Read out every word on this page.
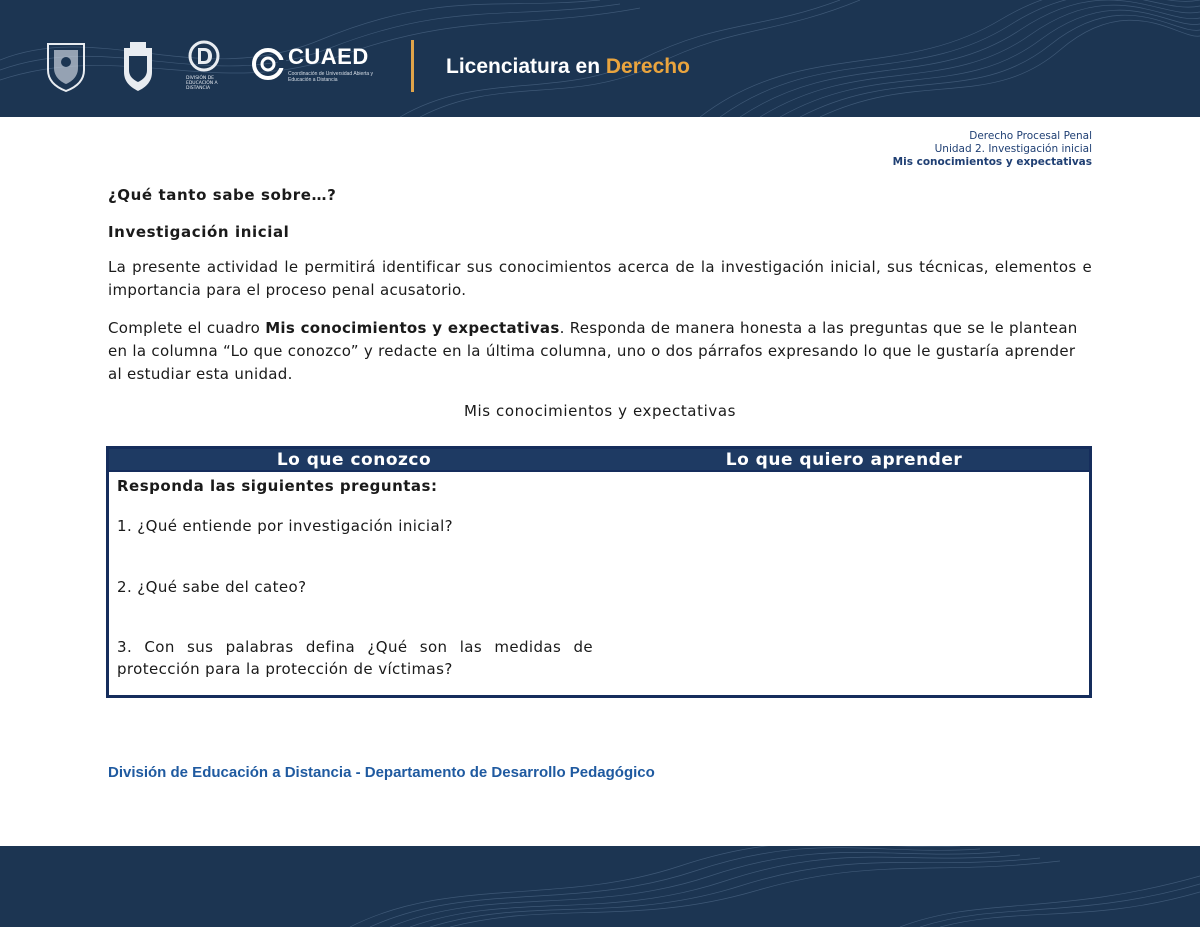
DIVISIÓN DE EDUCACIÓN A DISTANCIA
CUAED
Coordinación de Universidad Abierta y Educación a Distancia
Licenciatura en Derecho
Derecho Procesal Penal
Unidad 2. Investigación inicial
Mis conocimientos y expectativas
¿Qué tanto sabe sobre…?
Investigación inicial

La presente actividad le permitirá identificar sus conocimientos acerca de la investigación inicial, sus técnicas, elementos e importancia para el proceso penal acusatorio.

Complete el cuadro Mis conocimientos y expectativas. Responda de manera honesta a las preguntas que se le plantean en la columna “Lo que conozco” y redacte en la última columna, uno o dos párrafos expresando lo que le gustaría aprender al estudiar esta unidad.

Mis conocimientos y expectativas
Lo que conozco	Lo que quiero aprender
Responda las siguientes preguntas:
1. ¿Qué entiende por investigación inicial?
2. ¿Qué sabe del cateo?
3. Con sus palabras defina ¿Qué son las medidas de protección para la protección de víctimas?
División de Educación a Distancia - Departamento de Desarrollo Pedagógico
